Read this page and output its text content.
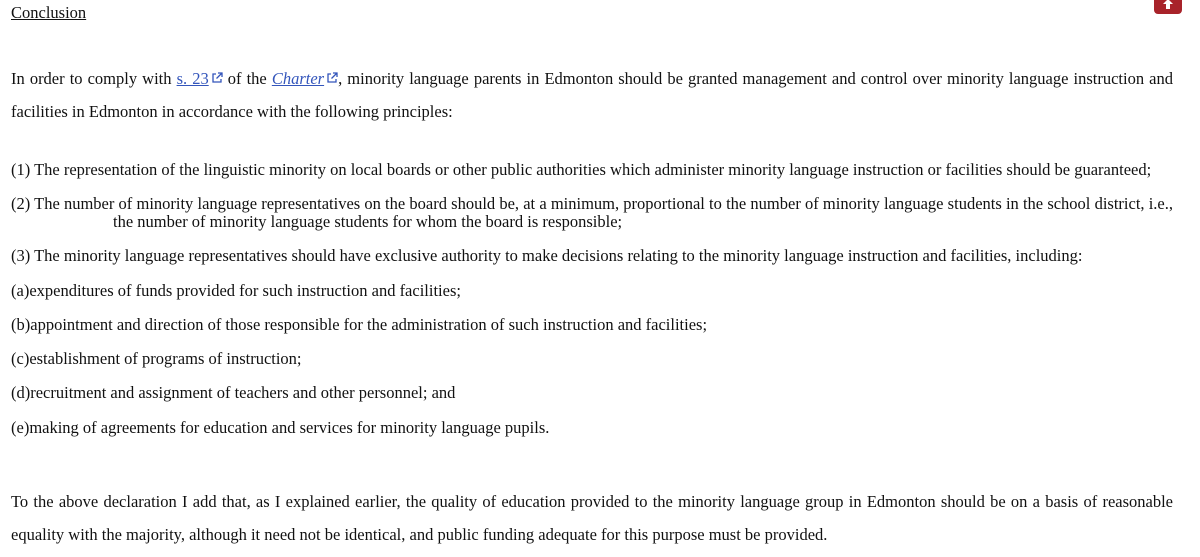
Conclusion

In order to comply with s. 23 of the Charter , minority language parents in Edmonton should be granted management and control over minority language instruction and facilities in Edmonton in accordance with the following principles:

(1) The representation of the linguistic minority on local boards or other public authorities which administer minority language instruction or facilities should be guaranteed;

(2) The number of minority language representatives on the board should be, at a minimum, proportional to the number of minority language students in the school district, i.e., the number of minority language students for whom the board is responsible;

(3) The minority language representatives should have exclusive authority to make decisions relating to the minority language instruction and facilities, including:

(a)expenditures of funds provided for such instruction and facilities;

(b)appointment and direction of those responsible for the administration of such instruction and facilities;

(c)establishment of programs of instruction;

(d)recruitment and assignment of teachers and other personnel; and

(e)making of agreements for education and services for minority language pupils.

To the above declaration I add that, as I explained earlier, the quality of education provided to the minority language group in Edmonton should be on a basis of reasonable equality with the majority, although it need not be identical, and public funding adequate for this purpose must be provided.
